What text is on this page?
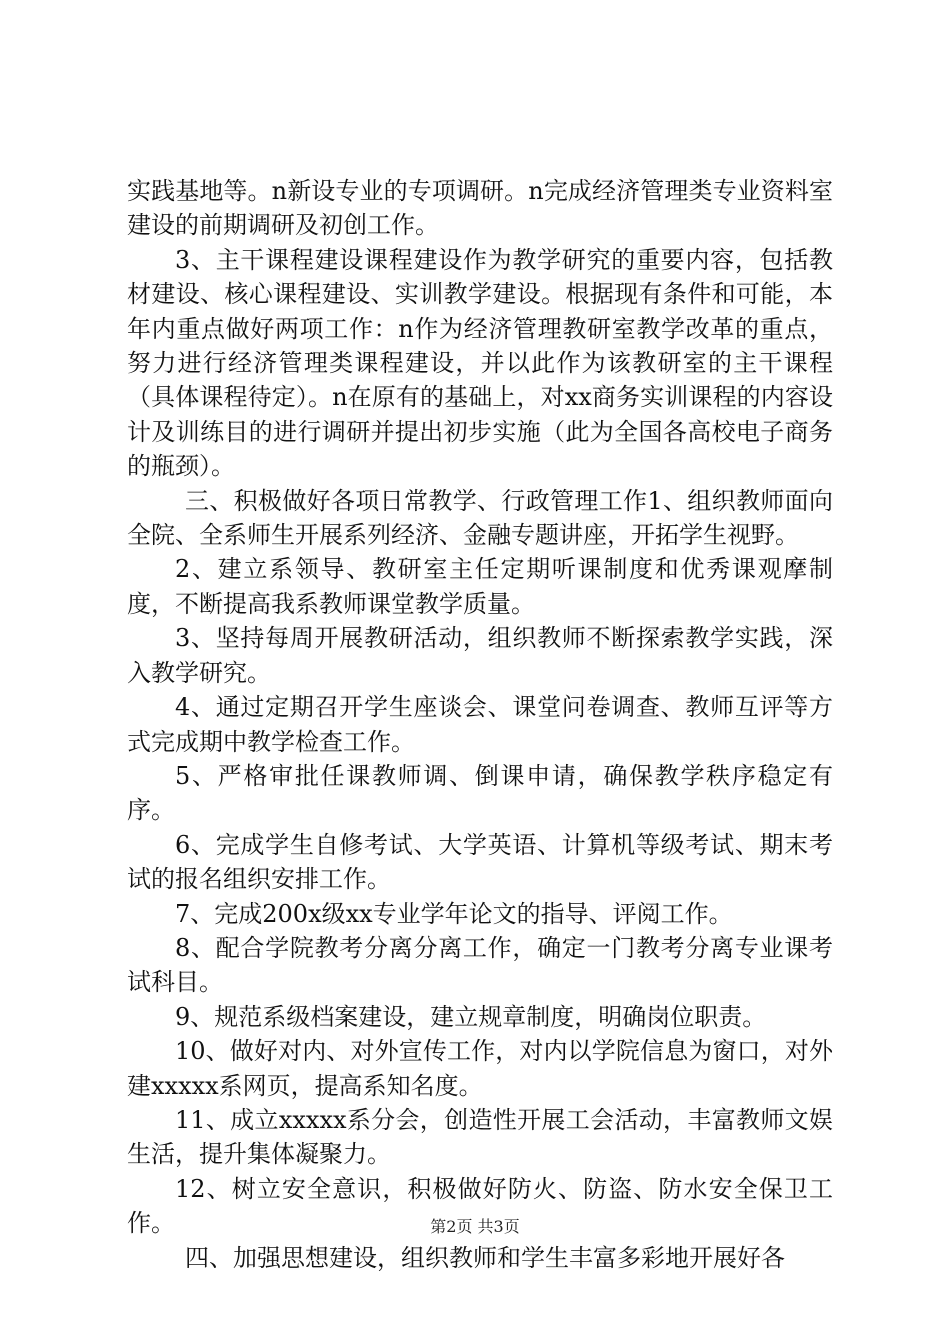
实践基地等。n新设专业的专项调研。n完成经济管理类专业资料室建设的前期调研及初创工作。

3、主干课程建设课程建设作为教学研究的重要内容，包括教材建设、核心课程建设、实训教学建设。根据现有条件和可能，本年内重点做好两项工作：n作为经济管理教研室教学改革的重点，努力进行经济管理类课程建设，并以此作为该教研室的主干课程（具体课程待定）。n在原有的基础上，对xx商务实训课程的内容设计及训练目的进行调研并提出初步实施（此为全国各高校电子商务的瓶颈）。

三、积极做好各项日常教学、行政管理工作1、组织教师面向全院、全系师生开展系列经济、金融专题讲座，开拓学生视野。

2、建立系领导、教研室主任定期听课制度和优秀课观摩制度，不断提高我系教师课堂教学质量。

3、坚持每周开展教研活动，组织教师不断探索教学实践，深入教学研究。

4、通过定期召开学生座谈会、课堂问卷调查、教师互评等方式完成期中教学检查工作。

5、严格审批任课教师调、倒课申请，确保教学秩序稳定有序。

6、完成学生自修考试、大学英语、计算机等级考试、期末考试的报名组织安排工作。

7、完成200x级xx专业学年论文的指导、评阅工作。

8、配合学院教考分离分离工作，确定一门教考分离专业课考试科目。

9、规范系级档案建设，建立规章制度，明确岗位职责。

10、做好对内、对外宣传工作，对内以学院信息为窗口，对外建xxxxx系网页，提高系知名度。

11、成立xxxxx系分会，创造性开展工会活动，丰富教师文娱生活，提升集体凝聚力。

12、树立安全意识，积极做好防火、防盗、防水安全保卫工作。

四、加强思想建设，组织教师和学生丰富多彩地开展好各

第2页 共3页
